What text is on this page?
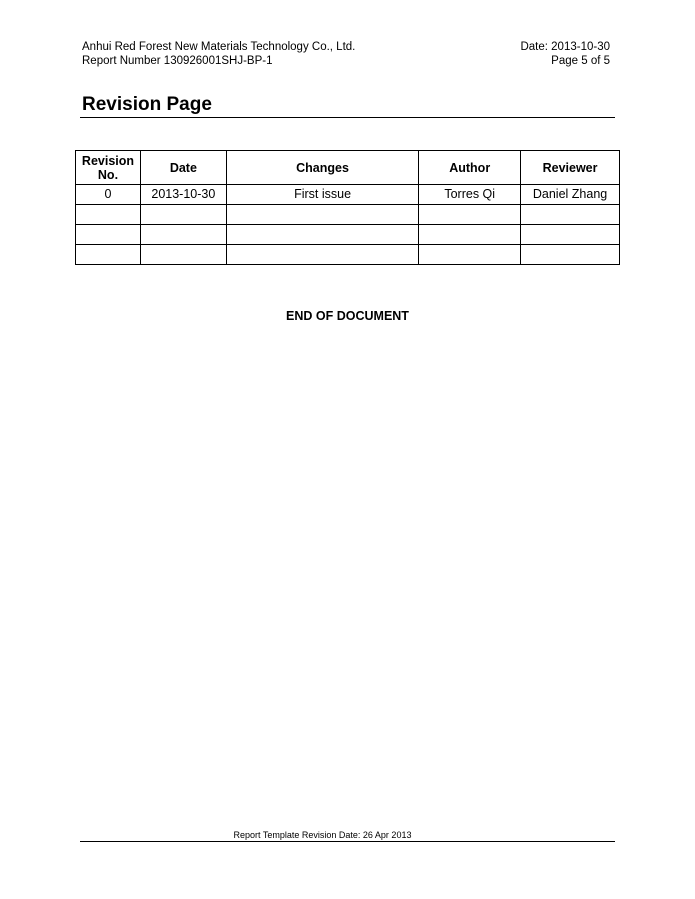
Anhui Red Forest New Materials Technology Co., Ltd.	Date: 2013-10-30
Report Number 130926001SHJ-BP-1	Page 5 of 5
Revision Page
Revision
No.	Date	Changes	Author	Reviewer
0	2013-10-30	First issue	Torres Qi	Daniel Zhang

END OF DOCUMENT
Report Template Revision Date: 26 Apr 2013
